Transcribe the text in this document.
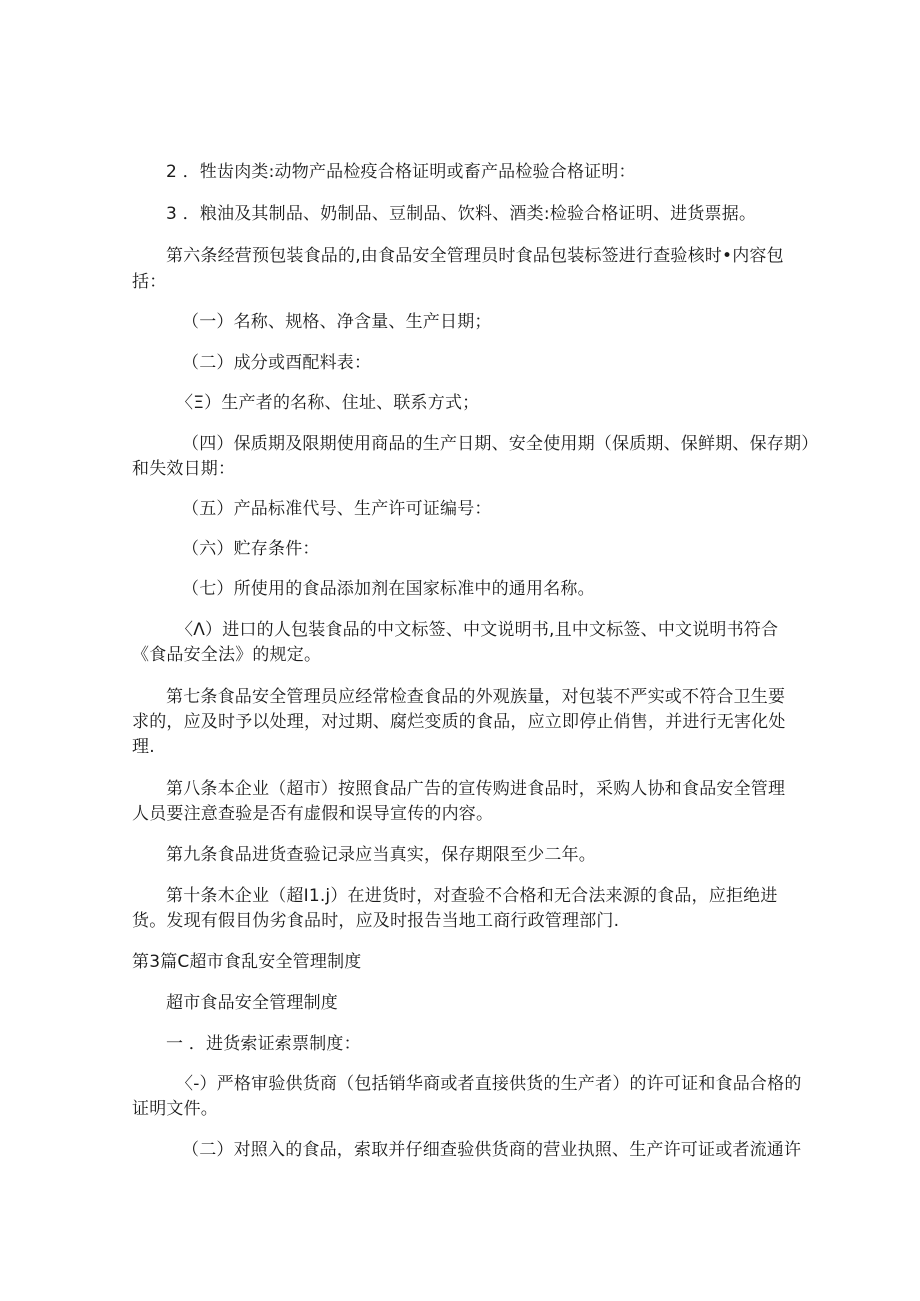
2 ．牲齿肉类:动物产品检疫合格证明或畜产品检验合格证明：
3 ．粮油及其制品、奶制品、豆制品、饮料、酒类:检验合格证明、进货票据。
第六条经营预包装食品的,由食品安全管理员时食品包装标签进行查验核时•内容包
括：
（一）名称、规格、净含量、生产日期；
（二）成分或酉配料表：
〈Ξ）生产者的名称、住址、联系方式；
（四）保质期及限期使用商品的生产日期、安全使用期（保质期、保鲜期、保存期）
和失效日期：
（五）产品标准代号、生产许可证编号：
（六）贮存条件：
（七）所使用的食品添加剂在国家标准中的通用名称。
〈Λ）进口的人包装食品的中文标签、中文说明书,且中文标签、中文说明书符合
《食品安全法》的规定。
第七条食品安全管理员应经常检查食品的外观族量，对包装不严实或不符合卫生要
求的，应及时予以处理，对过期、腐烂变质的食品，应立即停止俏售，并进行无害化处
理.
第八条本企业（超市）按照食品广告的宣传购进食品时，采购人协和食品安全管理
人员要注意查验是否有虚假和误导宣传的内容。
第九条食品进货查验记录应当真实，保存期限至少二年。
第十条木企业（超I1.j）在进货时，对查验不合格和无合法来源的食品，应拒绝进
货。发现有假目伪劣食品时，应及时报告当地工商行政管理部门.
第3篇C超市食乱安全管理制度
超市食品安全管理制度
一 ．进货索证索票制度：
〈-）严格审验供货商（包括销华商或者直接供货的生产者）的许可证和食品合格的
证明文件。
（二）对照入的食品，索取并仔细查验供货商的营业执照、生产许可证或者流通许
